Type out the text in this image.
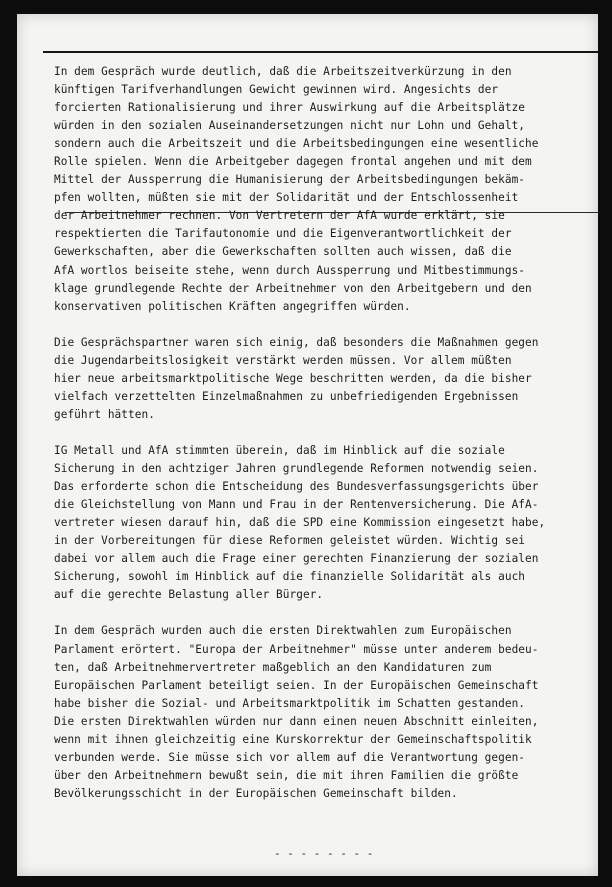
In dem Gespräch wurde deutlich, daß die Arbeitszeitverkürzung in den
künftigen Tarifverhandlungen Gewicht gewinnen wird. Angesichts der
forcierten Rationalisierung und ihrer Auswirkung auf die Arbeitsplätze
würden in den sozialen Auseinandersetzungen nicht nur Lohn und Gehalt,
sondern auch die Arbeitszeit und die Arbeitsbedingungen eine wesentliche
Rolle spielen. Wenn die Arbeitgeber dagegen frontal angehen und mit dem
Mittel der Aussperrung die Humanisierung der Arbeitsbedingungen bekäm-
pfen wollten, müßten sie mit der Solidarität und der Entschlossenheit
der Arbeitnehmer rechnen. Von Vertretern der AfA wurde erklärt, sie
respektierten die Tarifautonomie und die Eigenverantwortlichkeit der
Gewerkschaften, aber die Gewerkschaften sollten auch wissen, daß die
AfA wortlos beiseite stehe, wenn durch Aussperrung und Mitbestimmungs-
klage grundlegende Rechte der Arbeitnehmer von den Arbeitgebern und den
konservativen politischen Kräften angegriffen würden.
Die Gesprächspartner waren sich einig, daß besonders die Maßnahmen gegen
die Jugendarbeitslosigkeit verstärkt werden müssen. Vor allem müßten
hier neue arbeitsmarktpolitische Wege beschritten werden, da die bisher
vielfach verzettelten Einzelmaßnahmen zu unbefriedigenden Ergebnissen
geführt hätten.
IG Metall und AfA stimmten überein, daß im Hinblick auf die soziale
Sicherung in den achtziger Jahren grundlegende Reformen notwendig seien.
Das erforderte schon die Entscheidung des Bundesverfassungsgerichts über
die Gleichstellung von Mann und Frau in der Rentenversicherung. Die AfA-
vertreter wiesen darauf hin, daß die SPD eine Kommission eingesetzt habe,
in der Vorbereitungen für diese Reformen geleistet würden. Wichtig sei
dabei vor allem auch die Frage einer gerechten Finanzierung der sozialen
Sicherung, sowohl im Hinblick auf die finanzielle Solidarität als auch
auf die gerechte Belastung aller Bürger.
In dem Gespräch wurden auch die ersten Direktwahlen zum Europäischen
Parlament erörtert. "Europa der Arbeitnehmer" müsse unter anderem bedeu-
ten, daß Arbeitnehmervertreter maßgeblich an den Kandidaturen zum
Europäischen Parlament beteiligt seien. In der Europäischen Gemeinschaft
habe bisher die Sozial- und Arbeitsmarktpolitik im Schatten gestanden.
Die ersten Direktwahlen würden nur dann einen neuen Abschnitt einleiten,
wenn mit ihnen gleichzeitig eine Kurskorrektur der Gemeinschaftspolitik
verbunden werde. Sie müsse sich vor allem auf die Verantwortung gegen-
über den Arbeitnehmern bewußt sein, die mit ihren Familien die größte
Bevölkerungsschicht in der Europäischen Gemeinschaft bilden.
- - - - - - - -
